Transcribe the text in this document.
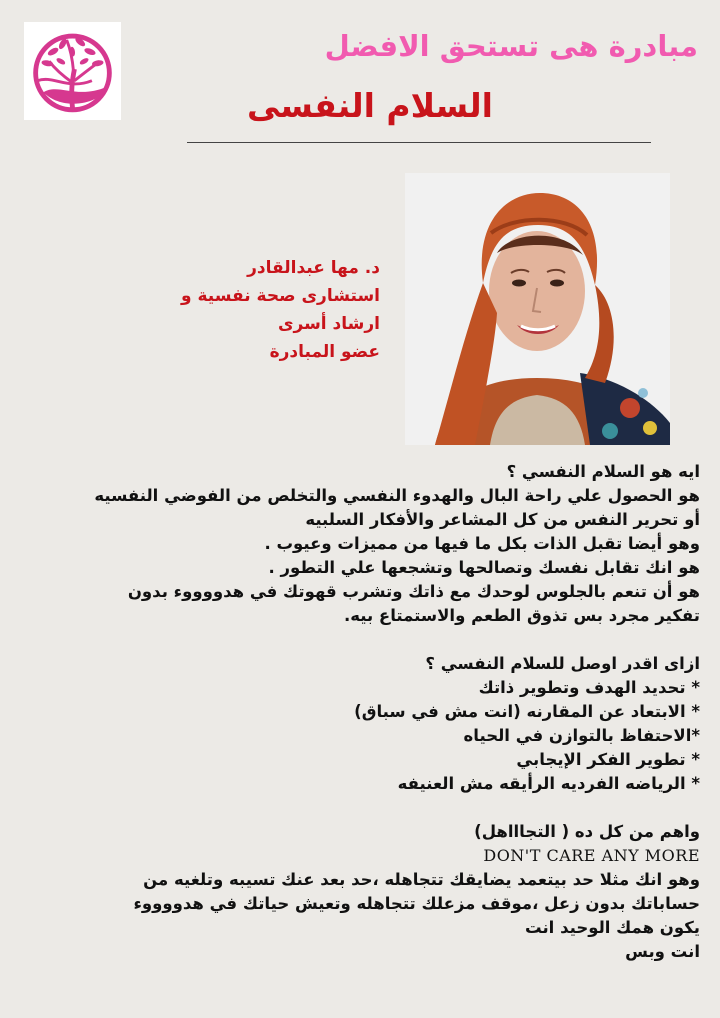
مبادرة هى تستحق الافضل
السلام النفسى
د. مها عبدالقادر
استشارى صحة نفسية و
ارشاد أسرى
عضو المبادرة
ايه هو السلام النفسي ؟
هو الحصول علي راحة البال والهدوء النفسي والتخلص من الفوضي النفسيه
أو تحرير النفس من كل المشاعر والأفكار السلبيه
وهو أيضا تقبل الذات بكل ما فيها من مميزات وعيوب .
هو انك تقابل نفسك وتصالحها وتشجعها علي التطور .
هو أن تنعم بالجلوس لوحدك مع ذاتك وتشرب قهوتك في هدووووء بدون
تفكير مجرد بس تذوق الطعم والاستمتاع بيه.
ازاى اقدر اوصل للسلام النفسي ؟
* تحديد الهدف وتطوير ذاتك
* الابتعاد عن المقارنه (انت مش في سباق)
*الاحتفاظ بالتوازن في الحياه
* تطوير الفكر الإيجابي
* الرياضه الفرديه الرأيقه مش العنيفه
واهم من كل ده ( التجاااهل)
DON'T CARE ANY MORE
وهو انك مثلا حد بيتعمد يضايقك تتجاهله ،حد بعد عنك تسيبه وتلغيه من
حساباتك بدون زعل ،موقف مزعلك تتجاهله وتعيش حياتك في هدووووء
يكون همك الوحيد انت
انت وبس
